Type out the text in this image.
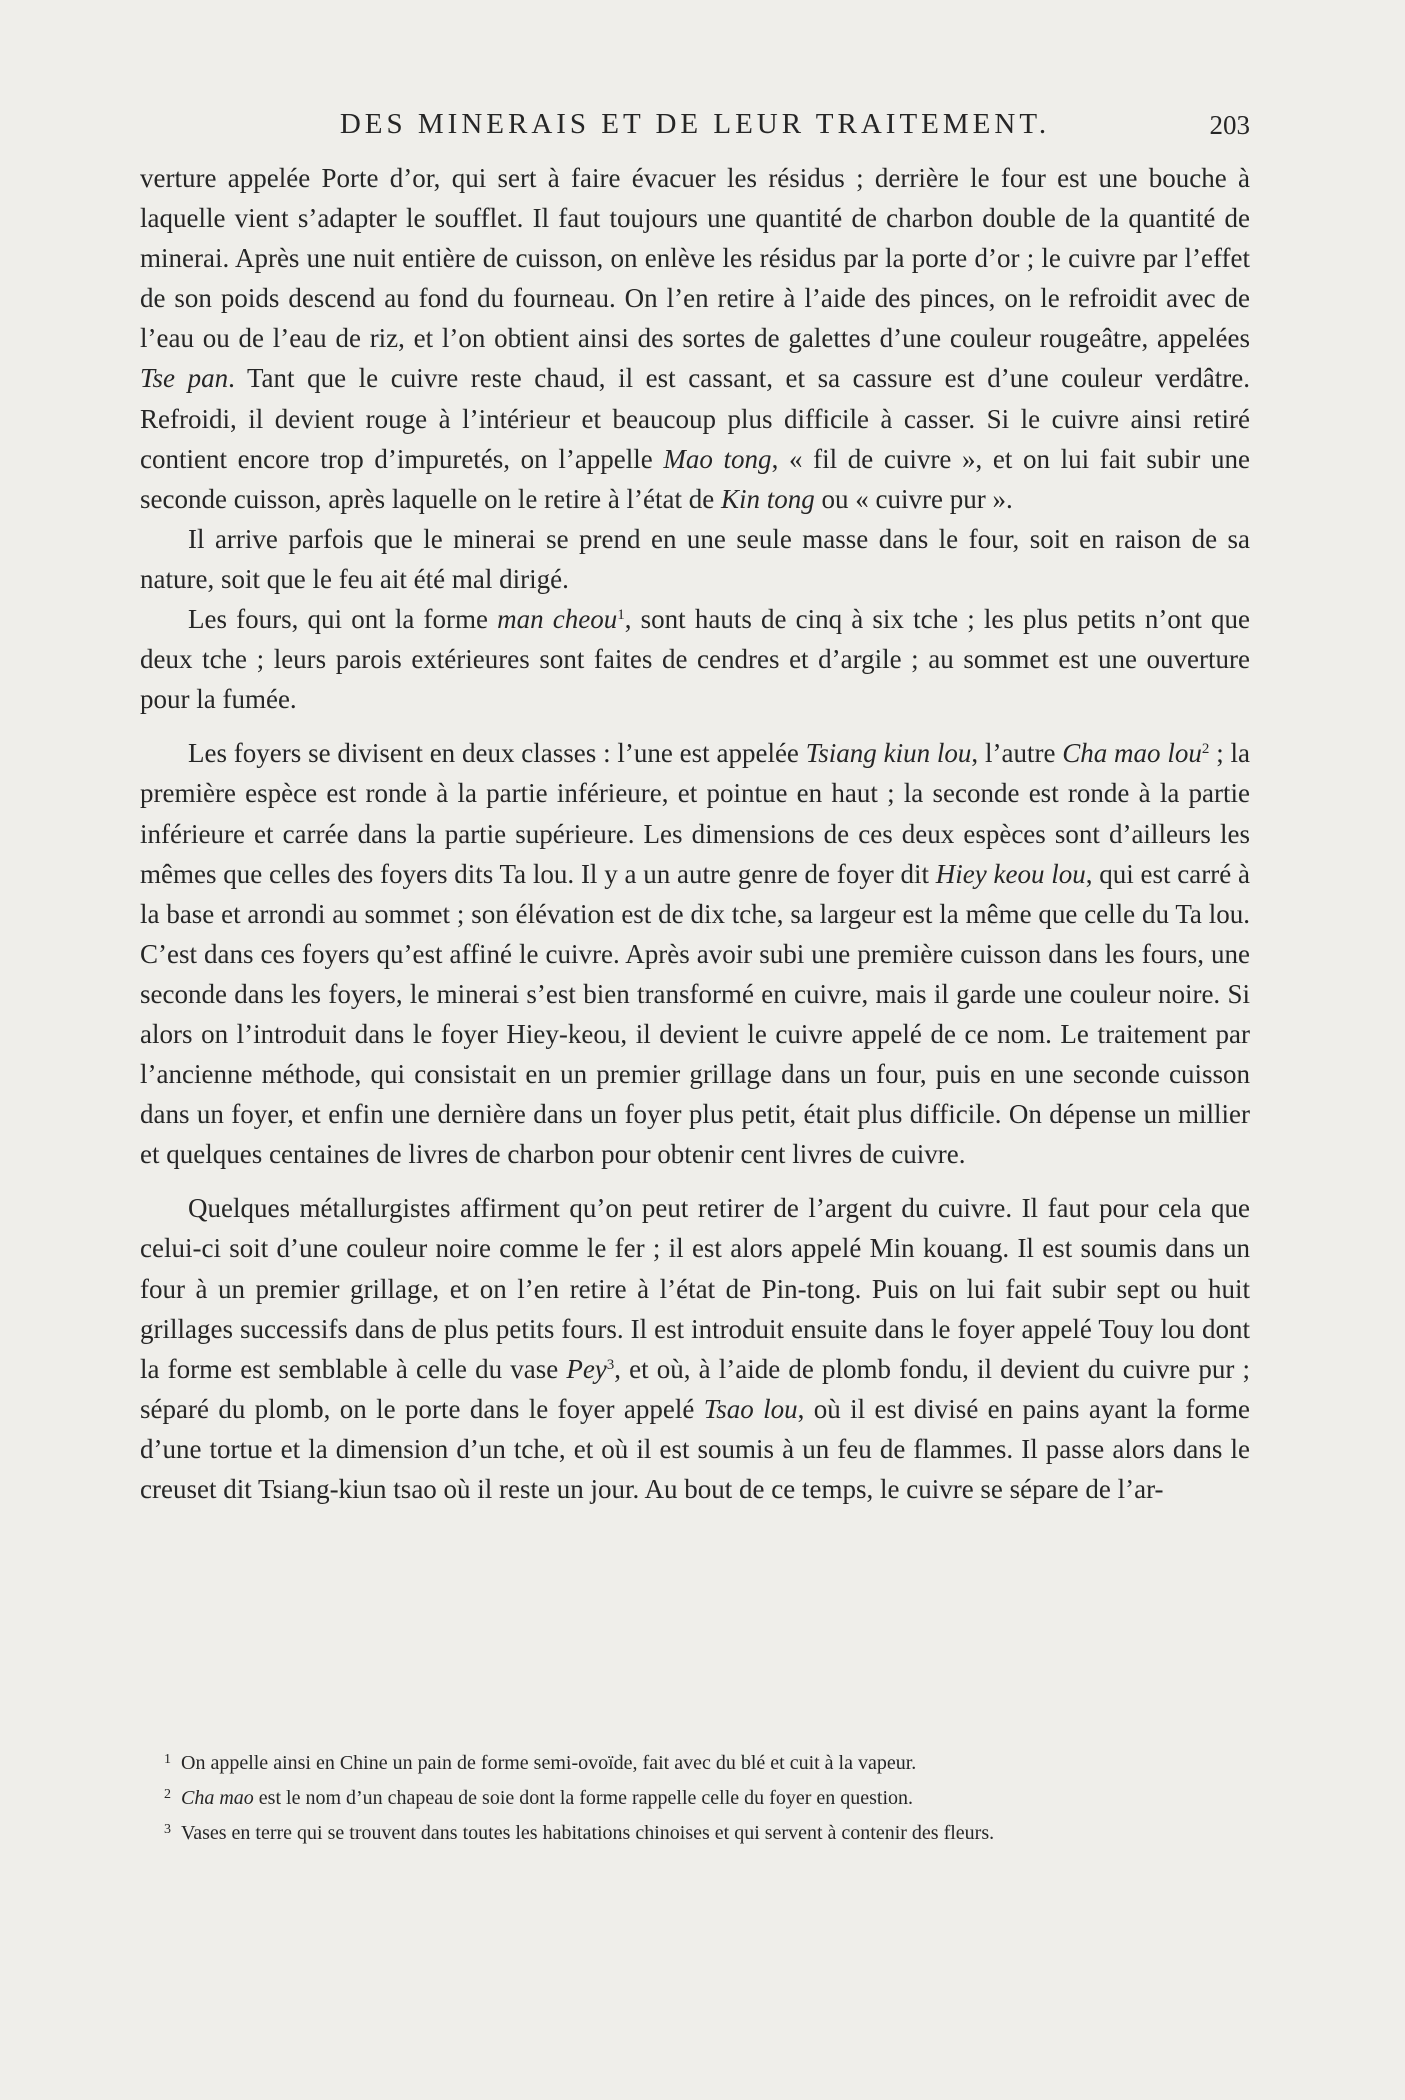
DES MINERAIS ET DE LEUR TRAITEMENT.	203

verture appelée Porte d’or, qui sert à faire évacuer les résidus ; derrière le four est une bouche à laquelle vient s’adapter le soufflet. Il faut toujours une quantité de charbon double de la quantité de minerai. Après une nuit entière de cuisson, on enlève les résidus par la porte d’or ; le cuivre par l’effet de son poids descend au fond du fourneau. On l’en retire à l’aide des pinces, on le refroidit avec de l’eau ou de l’eau de riz, et l’on obtient ainsi des sortes de galettes d’une couleur rougeâtre, appelées Tse pan. Tant que le cuivre reste chaud, il est cassant, et sa cassure est d’une couleur verdâtre. Refroidi, il devient rouge à l’intérieur et beaucoup plus difficile à casser. Si le cuivre ainsi retiré contient encore trop d’impuretés, on l’appelle Mao tong, « fil de cuivre », et on lui fait subir une seconde cuisson, après laquelle on le retire à l’état de Kin tong ou « cuivre pur ».

Il arrive parfois que le minerai se prend en une seule masse dans le four, soit en raison de sa nature, soit que le feu ait été mal dirigé.

Les fours, qui ont la forme man cheou$^1$, sont hauts de cinq à six tche ; les plus petits n’ont que deux tche ; leurs parois extérieures sont faites de cendres et d’argile ; au sommet est une ouverture pour la fumée.

Les foyers se divisent en deux classes : l’une est appelée Tsiang kiun lou, l’autre Cha mao lou$^2$ ; la première espèce est ronde à la partie inférieure, et pointue en haut ; la seconde est ronde à la partie inférieure et carrée dans la partie supérieure. Les dimensions de ces deux espèces sont d’ailleurs les mêmes que celles des foyers dits Ta lou. Il y a un autre genre de foyer dit Hiey keou lou, qui est carré à la base et arrondi au sommet ; son élévation est de dix tche, sa largeur est la même que celle du Ta lou. C’est dans ces foyers qu’est affiné le cuivre. Après avoir subi une première cuisson dans les fours, une seconde dans les foyers, le minerai s’est bien transformé en cuivre, mais il garde une couleur noire. Si alors on l’introduit dans le foyer Hiey-keou, il devient le cuivre appelé de ce nom. Le traitement par l’ancienne méthode, qui consistait en un premier grillage dans un four, puis en une seconde cuisson dans un foyer, et enfin une dernière dans un foyer plus petit, était plus difficile. On dépense un millier et quelques centaines de livres de charbon pour obtenir cent livres de cuivre.

Quelques métallurgistes affirment qu’on peut retirer de l’argent du cuivre. Il faut pour cela que celui-ci soit d’une couleur noire comme le fer ; il est alors appelé Min kouang. Il est soumis dans un four à un premier grillage, et on l’en retire à l’état de Pin-tong. Puis on lui fait subir sept ou huit grillages successifs dans de plus petits fours. Il est introduit ensuite dans le foyer appelé Touy lou dont la forme est semblable à celle du vase Pey$^3$, et où, à l’aide de plomb fondu, il devient du cuivre pur ; séparé du plomb, on le porte dans le foyer appelé Tsao lou, où il est divisé en pains ayant la forme d’une tortue et la dimension d’un tche, et où il est soumis à un feu de flammes. Il passe alors dans le creuset dit Tsiang-kiun tsao où il reste un jour. Au bout de ce temps, le cuivre se sépare de l’ar-

$^1$ On appelle ainsi en Chine un pain de forme semi-ovoïde, fait avec du blé et cuit à la vapeur.

$^2$ Cha mao est le nom d’un chapeau de soie dont la forme rappelle celle du foyer en question.

$^3$ Vases en terre qui se trouvent dans toutes les habitations chinoises et qui servent à contenir des fleurs.
